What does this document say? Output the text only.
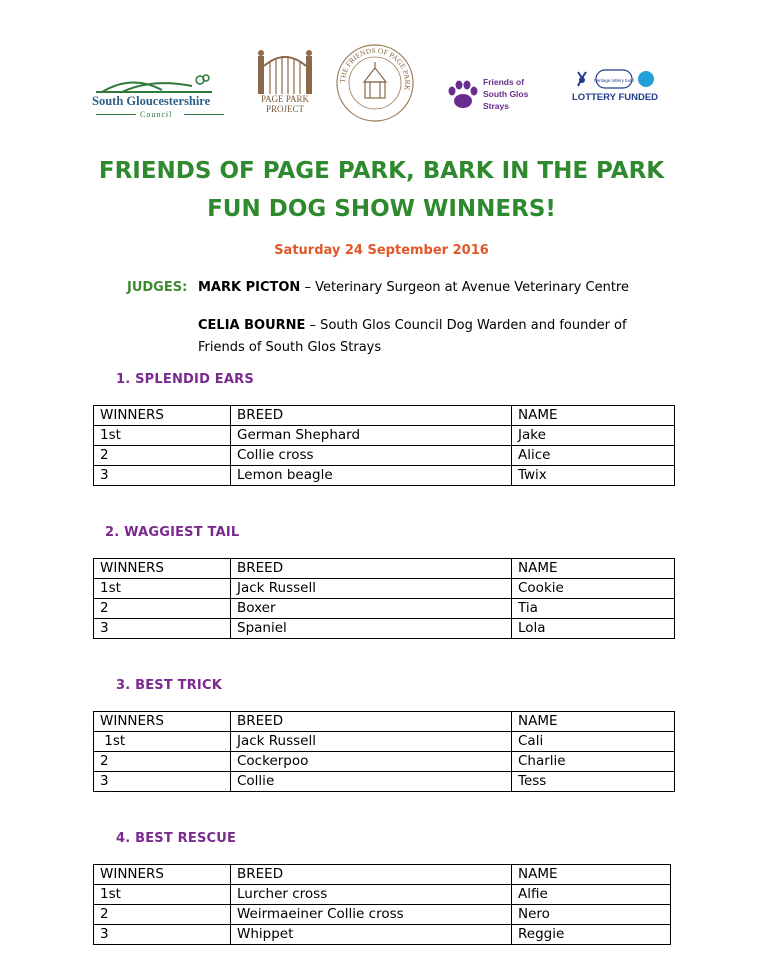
South Gloucestershire
Council
PAGE PARK
PROJECT
THE FRIENDS OF PAGE PARK
Friends of
South Glos
Strays
heritage lottery fund
LOTTERY FUNDED
FRIENDS OF PAGE PARK, BARK IN THE PARK
FUN DOG SHOW WINNERS!
Saturday 24 September 2016
JUDGES: MARK PICTON – Veterinary Surgeon at Avenue Veterinary Centre
CELIA BOURNE – South Glos Council Dog Warden and founder of Friends of South Glos Strays
1. SPLENDID EARS
WINNERS	BREED	NAME
1st	German Shephard	Jake
2	Collie cross	Alice
3	Lemon beagle	Twix
2. WAGGIEST TAIL
WINNERS	BREED	NAME
1st	Jack Russell	Cookie
2	Boxer	Tia
3	Spaniel	Lola
3. BEST TRICK
WINNERS	BREED	NAME
1st	Jack Russell	Cali
2	Cockerpoo	Charlie
3	Collie	Tess
4. BEST RESCUE
WINNERS	BREED	NAME
1st	Lurcher cross	Alfie
2	Weirmaeiner Collie cross	Nero
3	Whippet	Reggie
